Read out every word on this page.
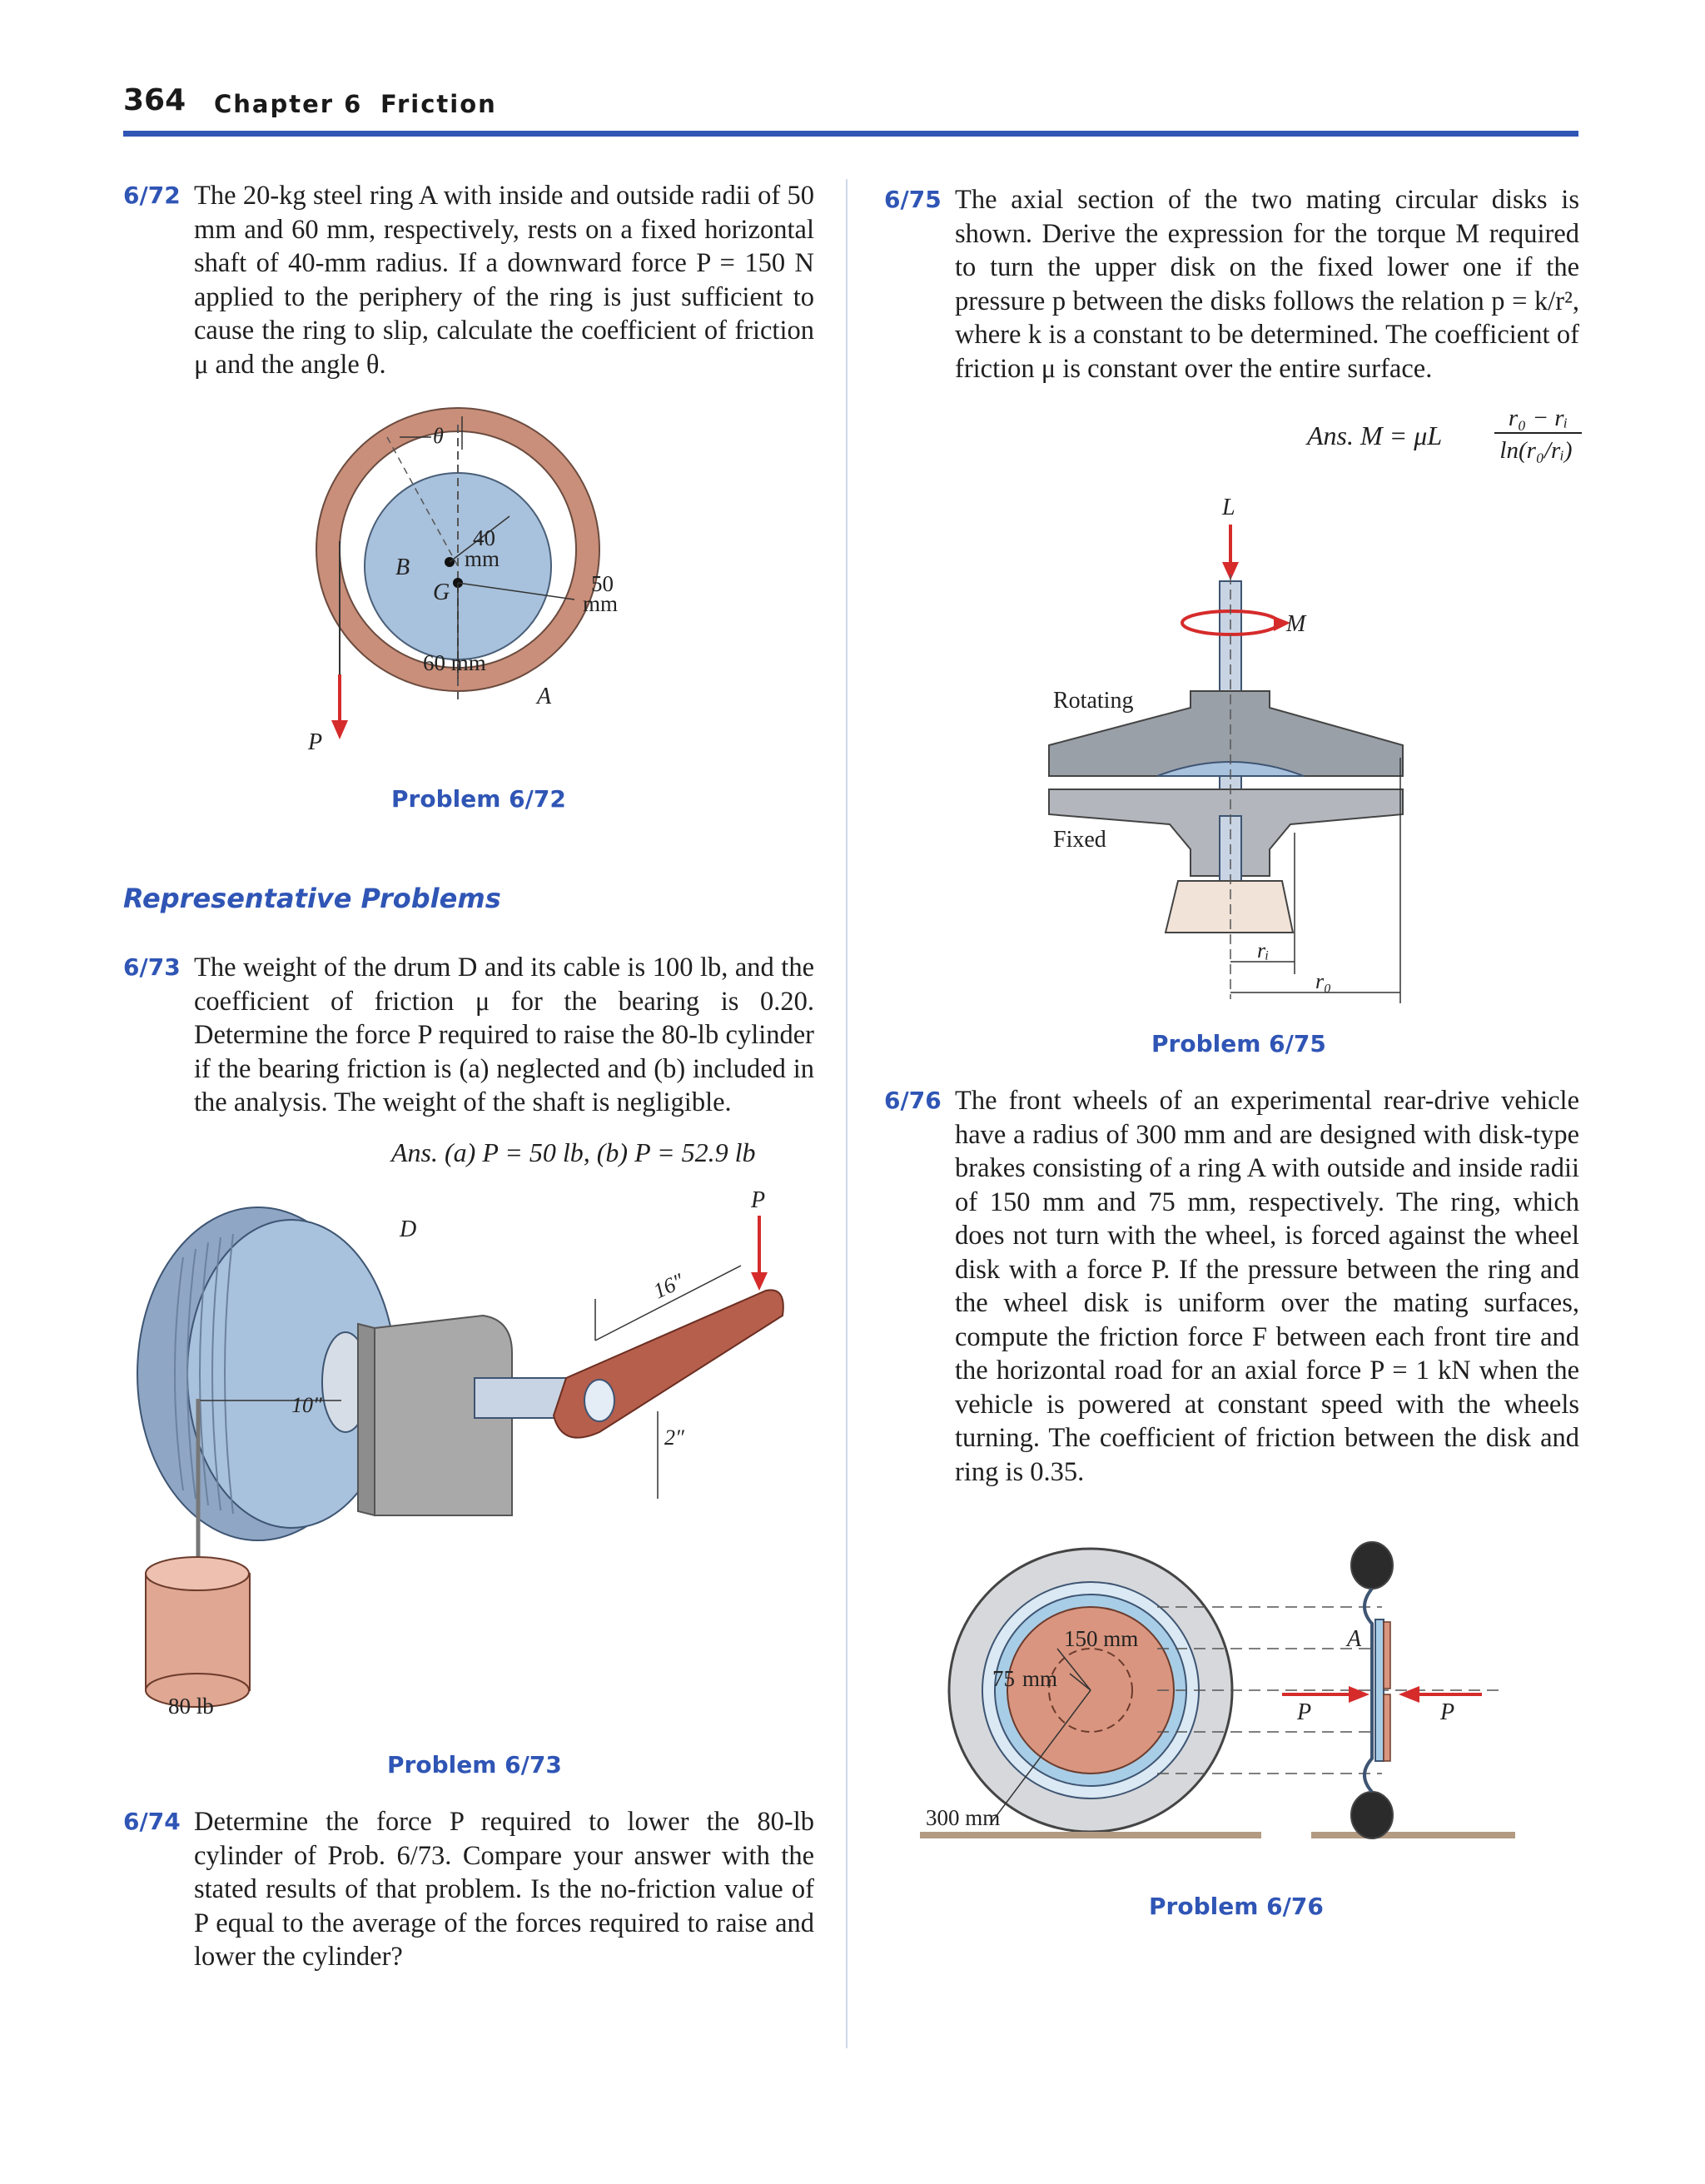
364 Chapter 6 Friction
6/72 The 20-kg steel ring A with inside and outside radii of 50 mm and 60 mm, respectively, rests on a fixed horizontal shaft of 40-mm radius. If a downward force P = 150 N applied to the periphery of the ring is just sufficient to cause the ring to slip, calculate the coefficient of friction μ and the angle θ.
θ
40
mm
50
mm
B
G
60 mm
A
P
Problem 6/72
Representative Problems
6/73 The weight of the drum D and its cable is 100 lb, and the coefficient of friction μ for the bearing is 0.20. Determine the force P required to raise the 80-lb cylinder if the bearing friction is (a) neglected and (b) included in the analysis. The weight of the shaft is negligible.
Ans. (a) P = 50 lb, (b) P = 52.9 lb
16″
2″
P
D
10″
80 lb
Problem 6/73
6/74 Determine the force P required to lower the 80-lb cylinder of Prob. 6/73. Compare your answer with the stated results of that problem. Is the no-friction value of P equal to the average of the forces required to raise and lower the cylinder?
6/75 The axial section of the two mating circular disks is shown. Derive the expression for the torque M required to turn the upper disk on the fixed lower one if the pressure p between the disks follows the relation p = k/r², where k is a constant to be determined. The coefficient of friction μ is constant over the entire surface.
Ans. M = μL
r₀ − rᵢ
ln(r₀/rᵢ)
L
M
Rotating
Fixed
rᵢ
r₀
Problem 6/75
6/76 The front wheels of an experimental rear-drive vehicle have a radius of 300 mm and are designed with disk-type brakes consisting of a ring A with outside and inside radii of 150 mm and 75 mm, respectively. The ring, which does not turn with the wheel, is forced against the wheel disk with a force P. If the pressure between the ring and the wheel disk is uniform over the mating surfaces, compute the friction force F between each front tire and the horizontal road for an axial force P = 1 kN when the vehicle is powered at constant speed with the wheels turning. The coefficient of friction between the disk and ring is 0.35.
150 mm
75 mm
300 mm
A
P	P
Problem 6/76
